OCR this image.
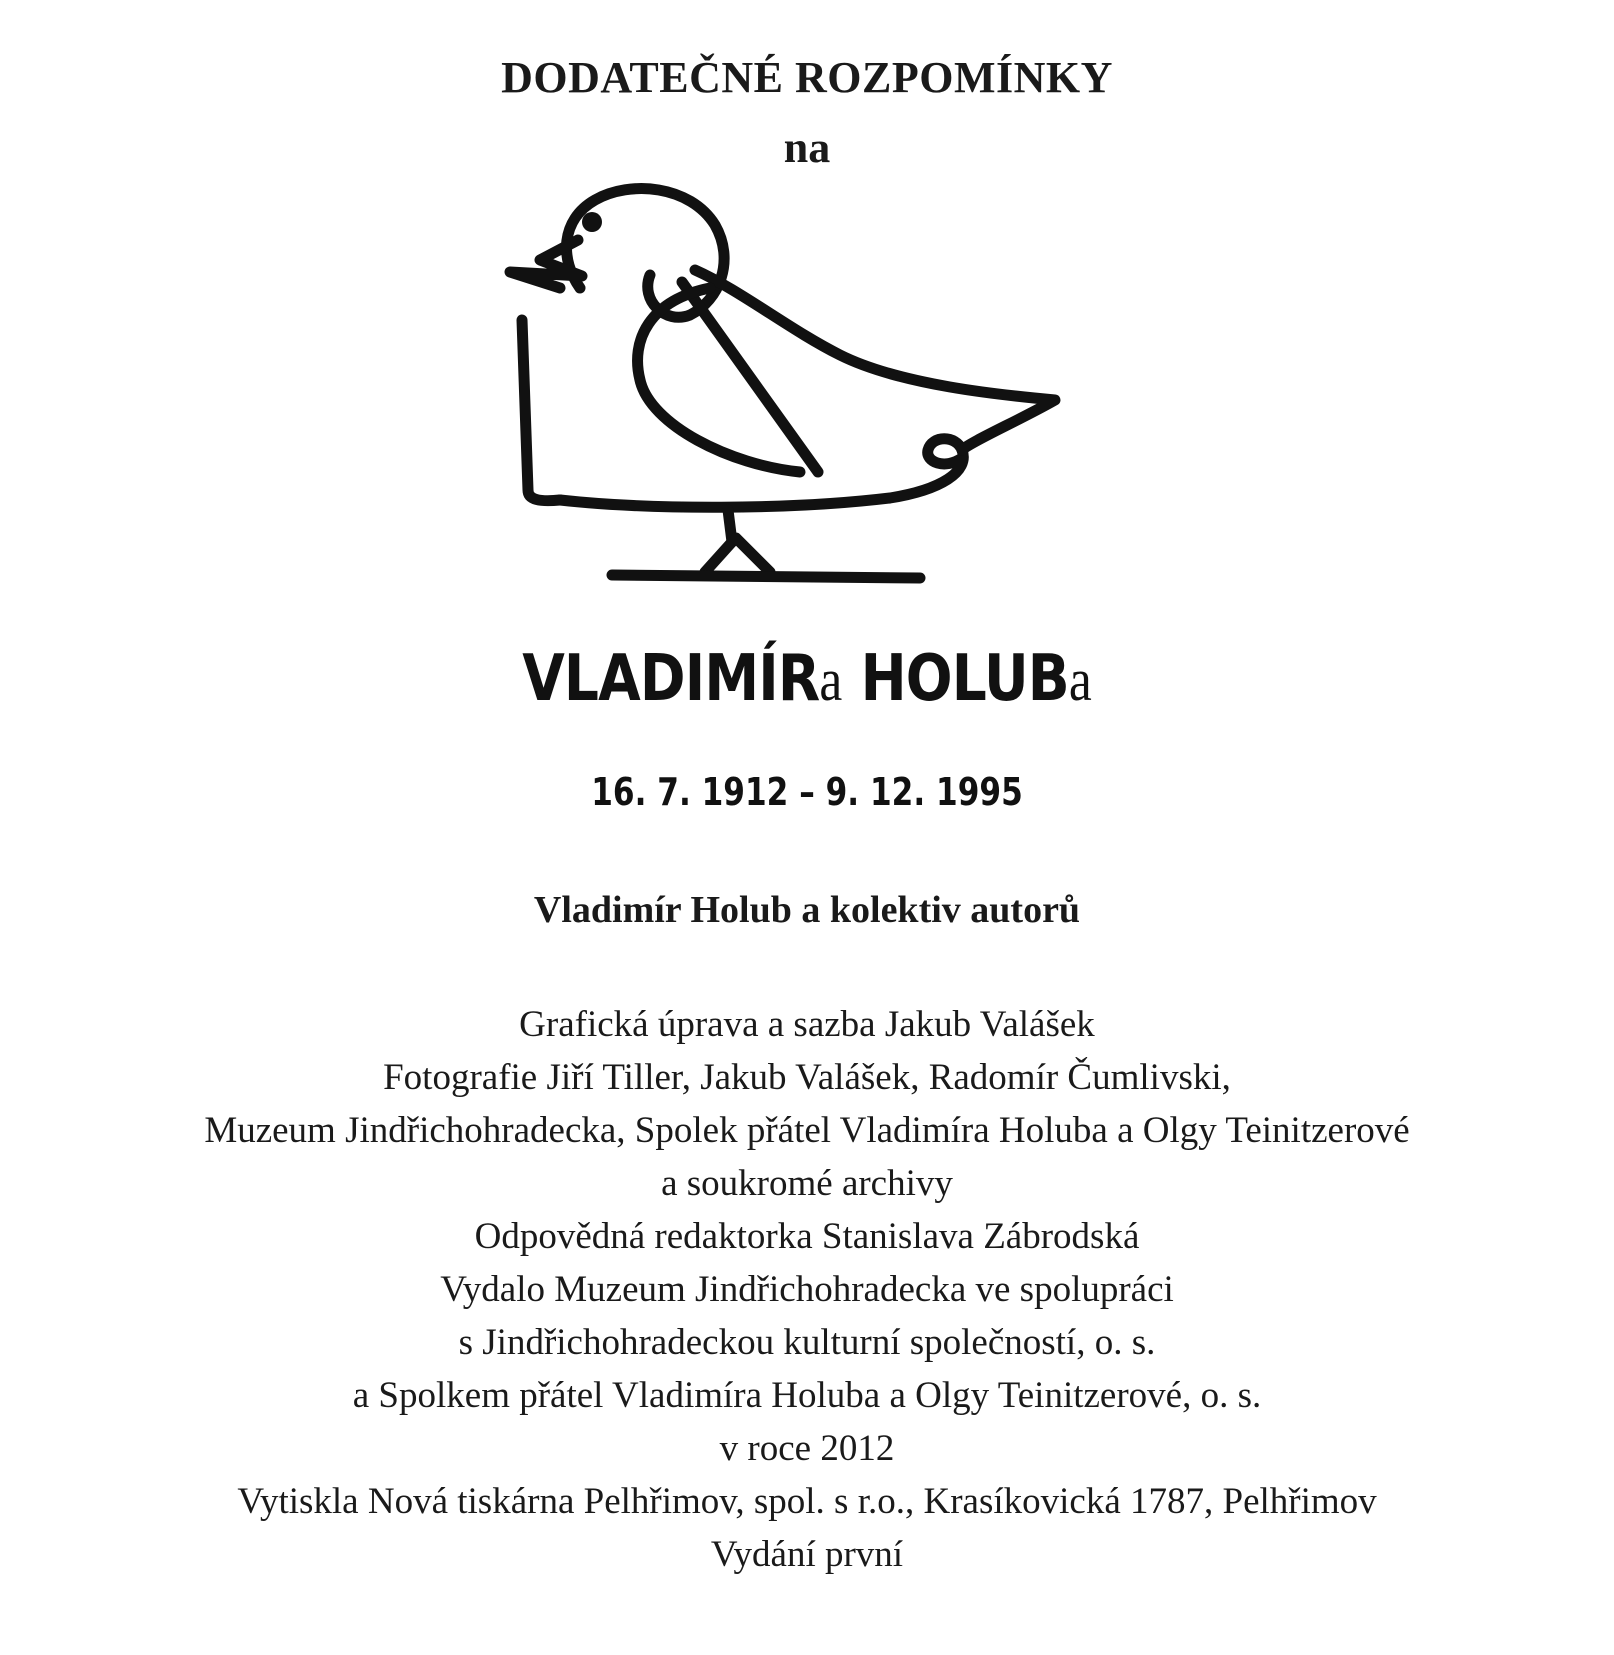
DODATEČNÉ ROZPOMÍNKY
na
VLADIMÍRa HOLUBa
16. 7. 1912 – 9. 12. 1995
Vladimír Holub a kolektiv autorů
Grafická úprava a sazba Jakub Valášek
Fotografie Jiří Tiller, Jakub Valášek, Radomír Čumlivski,
Muzeum Jindřichohradecka, Spolek přátel Vladimíra Holuba a Olgy Teinitzerové
a soukromé archivy
Odpovědná redaktorka Stanislava Zábrodská
Vydalo Muzeum Jindřichohradecka ve spolupráci
s Jindřichohradeckou kulturní společností, o. s.
a Spolkem přátel Vladimíra Holuba a Olgy Teinitzerové, o. s.
v roce 2012
Vytiskla Nová tiskárna Pelhřimov, spol. s r.o., Krasíkovická 1787, Pelhřimov
Vydání první
